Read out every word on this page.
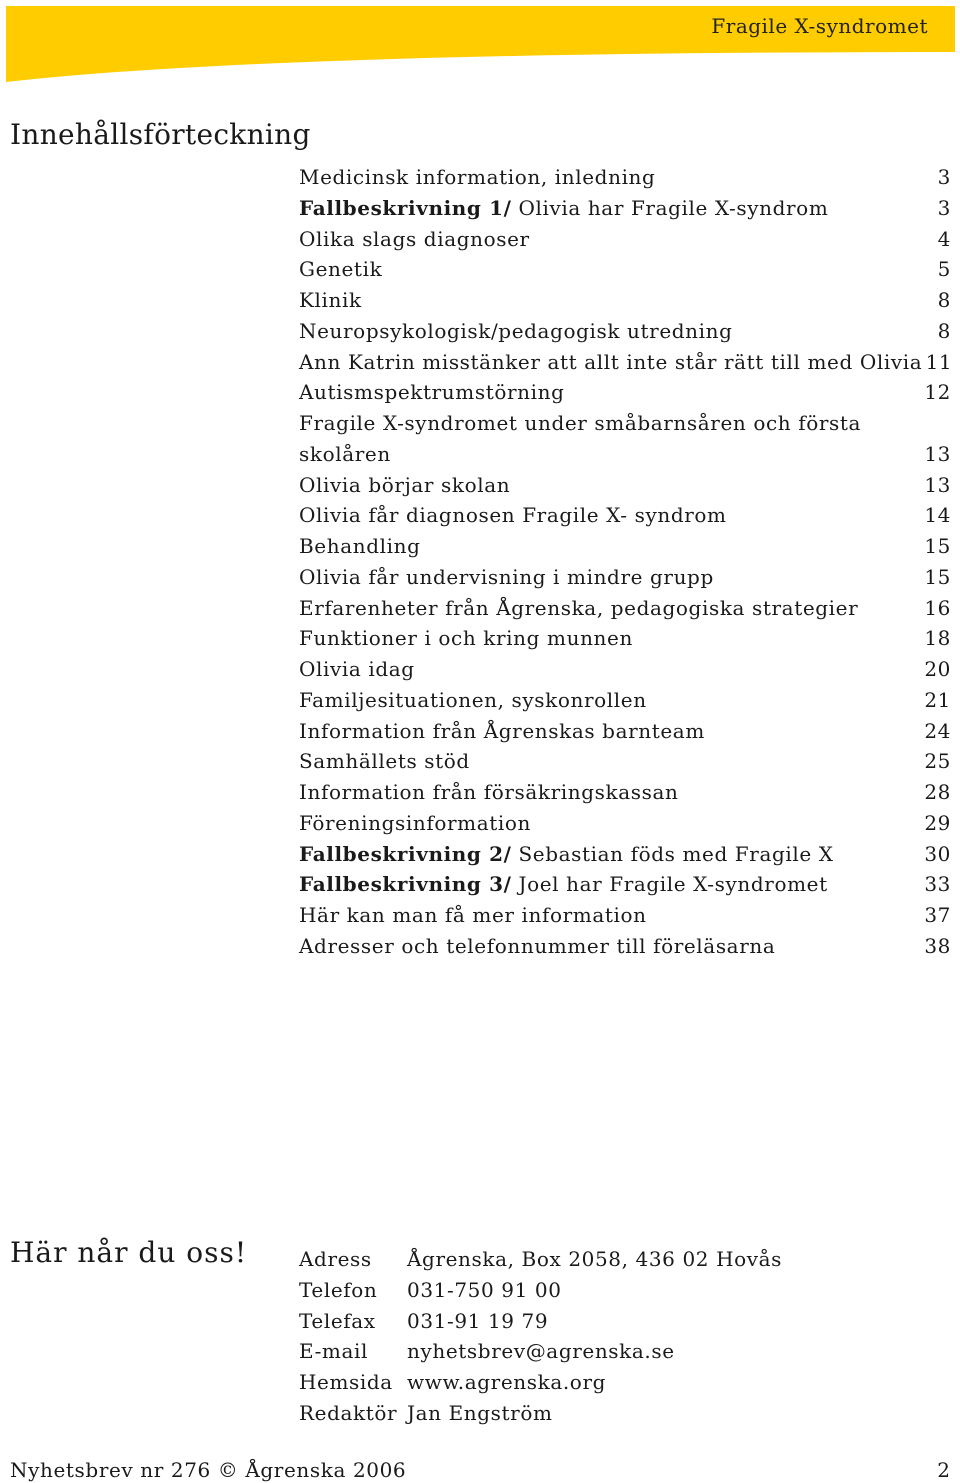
Fragile X-syndromet
Innehållsförteckning
Medicinsk information, inledning	3
Fallbeskrivning 1/ Olivia har Fragile X-syndrom	3
Olika slags diagnoser	4
Genetik	5
Klinik	8
Neuropsykologisk/pedagogisk utredning	8
Ann Katrin misstänker att allt inte står rätt till med Olivia 11
Autismspektrumstörning	12
Fragile X-syndromet under småbarnsåren och första skolåren	13
Olivia börjar skolan	13
Olivia får diagnosen Fragile X- syndrom	14
Behandling	15
Olivia får undervisning i mindre grupp	15
Erfarenheter från Ågrenska, pedagogiska strategier	16
Funktioner i och kring munnen	18
Olivia idag	20
Familjesituationen, syskonrollen	21
Information från Ågrenskas barnteam	24
Samhällets stöd	25
Information från försäkringskassan	28
Föreningsinformation	29
Fallbeskrivning 2/ Sebastian föds med Fragile X	30
Fallbeskrivning 3/ Joel har Fragile X-syndromet	33
Här kan man få mer information	37
Adresser och telefonnummer till föreläsarna	38
Här når du oss!	Adress	Ågrenska, Box 2058, 436 02 Hovås
Telefon	031-750 91 00
Telefax	031-91 19 79
E-mail	nyhetsbrev@agrenska.se
Hemsida www.agrenska.org
Redaktör Jan Engström
Nyhetsbrev nr 276 © Ågrenska 2006	2
